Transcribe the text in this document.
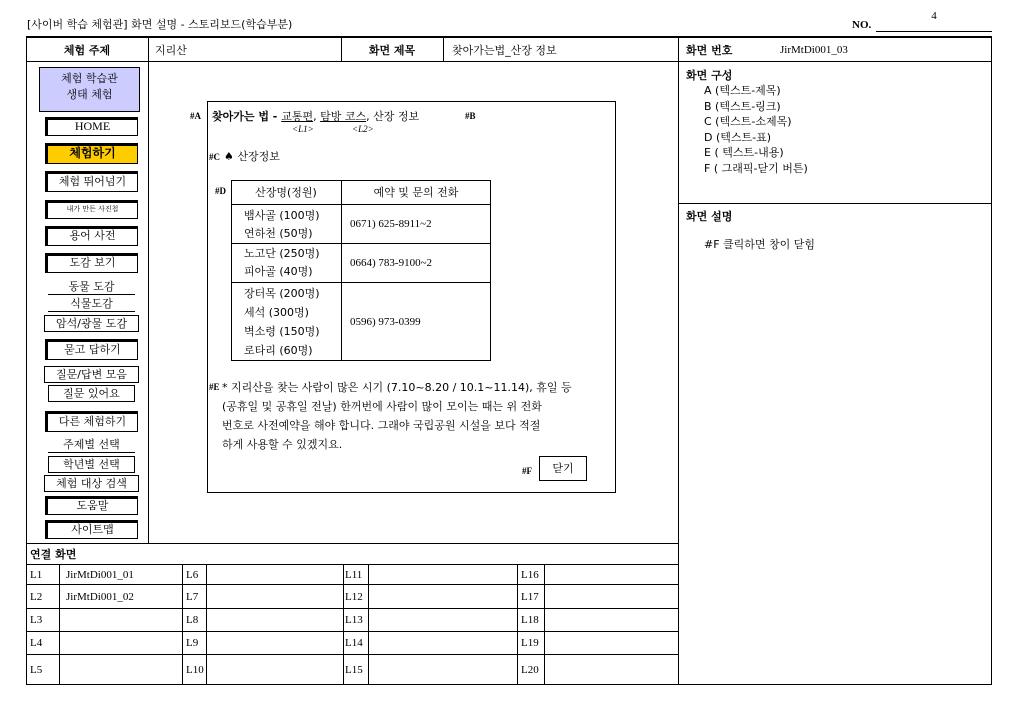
[사이버 학습 체험관] 화면 설명 - 스토리보드(학습부분)	NO.
4
체험 주제	지리산	화면 제목	찾아가는법_산장 정보	화면 번호	JirMtDi001_03
체험 학습관
생태 체험
HOME
체험하기
체험 뛰어넘기
내가 만든 사진첩
용어 사전
도감 보기
동물 도감
식물도감
암석/광물 도감
묻고 답하기
질문/답변 모음
질문 있어요
다른 체험하기
주제별 선택
학년별 선택
체험 대상 검색
도움말
사이트맵
#A 찾아가는 법 - 교통편, 탐방 코스, 산장 정보	#B
<L1>	<L2>
#C ♠ 산장정보
#D	산장명(정원)	예약 및 문의 전화
뱀사골 (100명)
연하천 (50명)
0671) 625-8911~2
노고단 (250명)
피아골 (40명)
0664) 783-9100~2
장터목 (200명)
세석 (300명)
벽소령 (150명)
로타리 (60명)
0596) 973-0399
#E * 지리산을 찾는 사람이 많은 시기 (7.10~8.20 / 10.1~11.14), 휴일 등
(공휴일 및 공휴일 전날) 한꺼번에 사람이 많이 모이는 때는 위 전화
번호로 사전예약을 해야 합니다. 그래야 국립공원 시설을 보다 적절
하게 사용할 수 있겠지요.
#F	닫기
화면 구성
A (텍스트-제목)
B (텍스트-링크)
C (텍스트-소제목)
D (텍스트-표)
E ( 텍스트-내용)
F ( 그래픽-닫기 버튼)
화면 설명
#F 클릭하면 창이 닫힘
연결 화면
L1 JirMtDi001_01	L6	L11	L16
L2 JirMtDi001_02	L7	L12	L17
L3	L8	L13	L18
L4	L9	L14	L19
L5	L10	L15	L20
